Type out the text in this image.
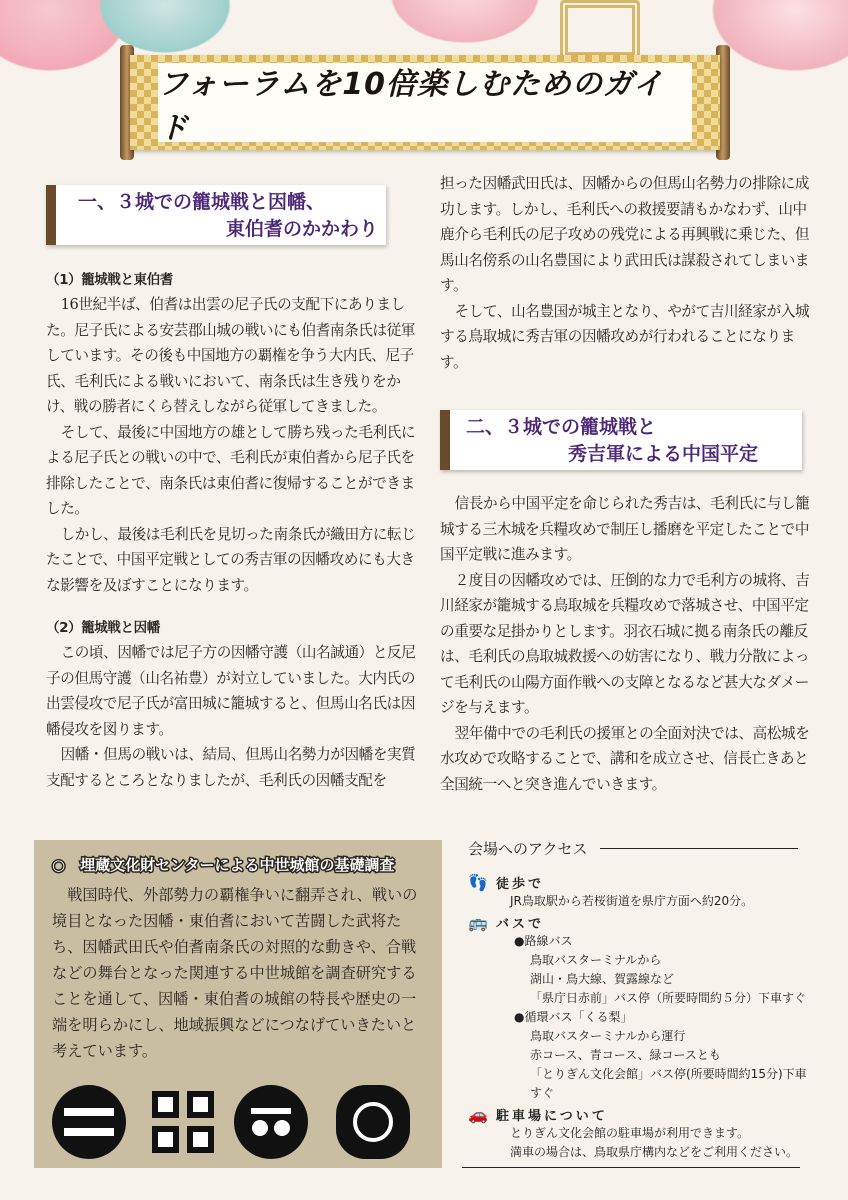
フォーラムを10倍楽しむためのガイド
一、３城での籠城戦と因幡、
東伯耆のかかわり
（1）籠城戦と東伯耆

16世紀半ば、伯耆は出雲の尼子氏の支配下にありました。尼子氏による安芸郡山城の戦いにも伯耆南条氏は従軍しています。その後も中国地方の覇権を争う大内氏、尼子氏、毛利氏による戦いにおいて、南条氏は生き残りをかけ、戦の勝者にくら替えしながら従軍してきました。

そして、最後に中国地方の雄として勝ち残った毛利氏による尼子氏との戦いの中で、毛利氏が東伯耆から尼子氏を排除したことで、南条氏は東伯耆に復帰することができました。

しかし、最後は毛利氏を見切った南条氏が織田方に転じたことで、中国平定戦としての秀吉軍の因幡攻めにも大きな影響を及ぼすことになります。

（2）籠城戦と因幡

この頃、因幡では尼子方の因幡守護（山名誠通）と反尼子の但馬守護（山名祐豊）が対立していました。大内氏の出雲侵攻で尼子氏が富田城に籠城すると、但馬山名氏は因幡侵攻を図ります。

因幡・但馬の戦いは、結局、但馬山名勢力が因幡を実質支配するところとなりましたが、毛利氏の因幡支配を

担った因幡武田氏は、因幡からの但馬山名勢力の排除に成功します。しかし、毛利氏への救援要請もかなわず、山中鹿介ら毛利氏の尼子攻めの残党による再興戦に乗じた、但馬山名傍系の山名豊国により武田氏は謀殺されてしまいます。

そして、山名豊国が城主となり、やがて吉川経家が入城する鳥取城に秀吉軍の因幡攻めが行われることになります。

二、３城での籠城戦と
秀吉軍による中国平定

信長から中国平定を命じられた秀吉は、毛利氏に与し籠城する三木城を兵糧攻めで制圧し播磨を平定したことで中国平定戦に進みます。

２度目の因幡攻めでは、圧倒的な力で毛利方の城将、吉川経家が籠城する鳥取城を兵糧攻めで落城させ、中国平定の重要な足掛かりとします。羽衣石城に拠る南条氏の離反は、毛利氏の鳥取城救援への妨害になり、戦力分散によって毛利氏の山陽方面作戦への支障となるなど甚大なダメージを与えます。

翌年備中での毛利氏の援軍との全面対決では、高松城を水攻めで攻略することで、講和を成立させ、信長亡きあと全国統一へと突き進んでいきます。

○　埋蔵文化財センターによる中世城館の基礎調査

戦国時代、外部勢力の覇権争いに翻弄され、戦いの境目となった因幡・東伯耆において苦闘した武将たち、因幡武田氏や伯耆南条氏の対照的な動きや、合戦などの舞台となった関連する中世城館を調査研究することを通して、因幡・東伯耆の城館の特長や歴史の一端を明らかにし、地域振興などにつなげていきたいと考えています。

会場へのアクセス
👣 徒歩で
JR鳥取駅から若桜街道を県庁方面へ約20分。
🚌 バスで
●路線バス
鳥取バスターミナルから
湖山・鳥大線、賀露線など
「県庁日赤前」バス停（所要時間約５分）下車すぐ
●循環バス「くる梨」
鳥取バスターミナルから運行
赤コース、青コース、緑コースとも
「とりぎん文化会館」バス停(所要時間約15分)下車すぐ
🚗 駐車場について
とりぎん文化会館の駐車場が利用できます。
満車の場合は、鳥取県庁構内などをご利用ください。
